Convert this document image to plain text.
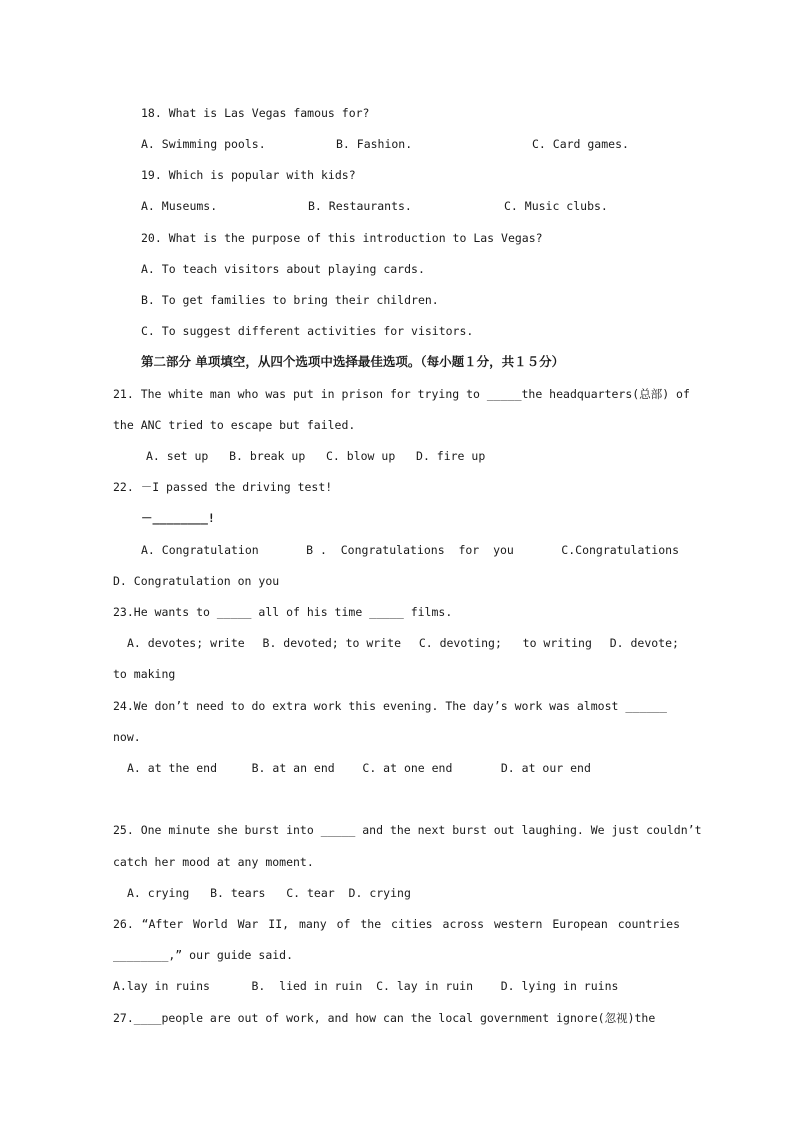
18. What is Las Vegas famous for?
A. Swimming pools.	B. Fashion.	C. Card games.
19. Which is popular with kids?
A. Museums.	B. Restaurants.	C. Music clubs.
20. What is the purpose of this introduction to Las Vegas?
A. To teach visitors about playing cards.
B. To get families to bring their children.
C. To suggest different activities for visitors.
第二部分 单项填空，从四个选项中选择最佳选项。（每小题１分，共１５分）
21. The white man who was put in prison for trying to _____the headquarters(总部) of
the ANC tried to escape but failed.
A. set up   B. break up   C. blow up   D. fire up
22. －I passed the driving test!
－________!
A. Congratulation	B .  Congratulations  for  you	C.Congratulations
D. Congratulation on you
23.He wants to _____ all of his time _____ films.
A. devotes; write B. devoted; to write C. devoting;   to writing D. devote;
to making
24.We don’t need to do extra work this evening. The day’s work was almost ______
now.
A. at the end     B. at an end    C. at one end       D. at our end
25. One minute she burst into _____ and the next burst out laughing. We just couldn’t
catch her mood at any moment.
A. crying   B. tears   C. tear  D. crying
26. “After World War II, many of the cities across western European countries
________,” our guide said.
A.lay in ruins      B.  lied in ruin  C. lay in ruin    D. lying in ruins
27.____people are out of work, and how can the local government ignore(忽视)the
